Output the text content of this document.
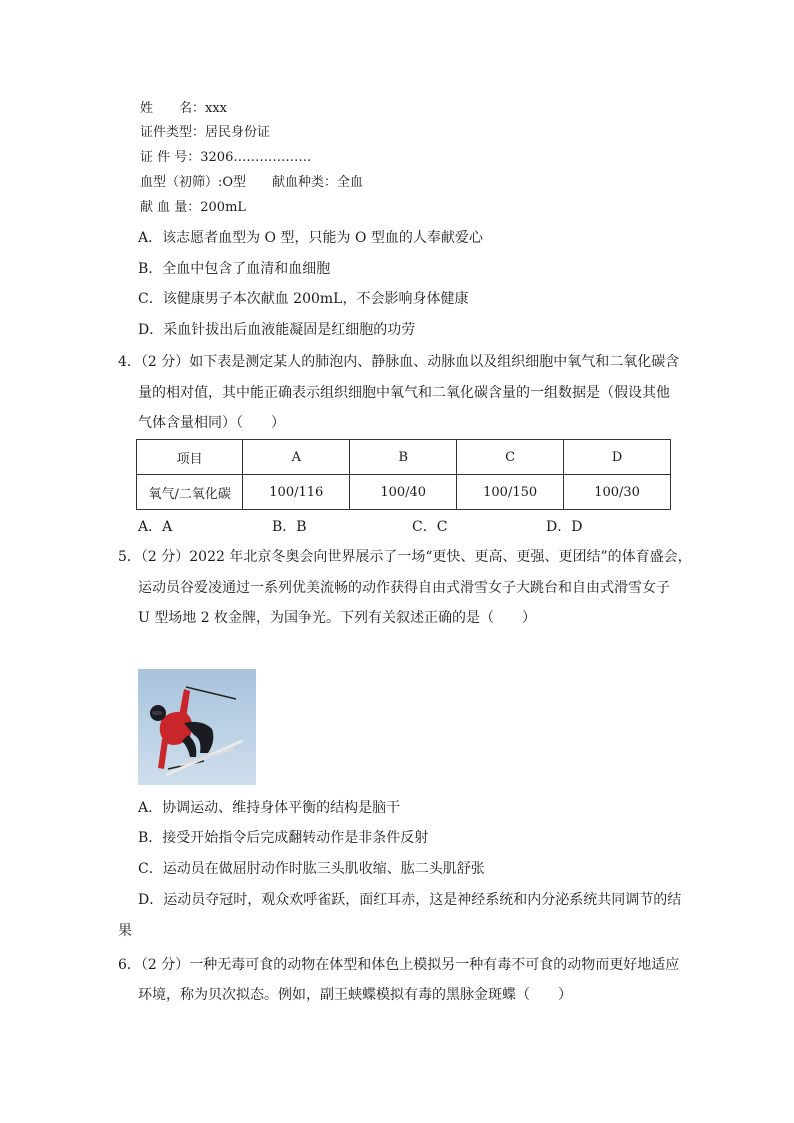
姓　　名：xxx
证件类型：居民身份证
证 件 号：3206………………
血型（初筛）:O型　　献血种类：全血
献 血 量：200mL
A．该志愿者血型为 O 型，只能为 O 型血的人奉献爱心
B．全血中包含了血清和血细胞
C．该健康男子本次献血 200mL，不会影响身体健康
D．采血针拔出后血液能凝固是红细胞的功劳
4．（2 分）如下表是测定某人的肺泡内、静脉血、动脉血以及组织细胞中氧气和二氧化碳含
量的相对值，其中能正确表示组织细胞中氧气和二氧化碳含量的一组数据是（假设其他
气体含量相同）（　　）
项目	A	B	C	D
氧气/二氧化碳	100/116	100/40	100/150	100/30
A．A	B．B	C．C	D．D
5．（2 分）2022 年北京冬奥会向世界展示了一场“更快、更高、更强、更团结”的体育盛会，
运动员谷爱凌通过一系列优美流畅的动作获得自由式滑雪女子大跳台和自由式滑雪女子
U 型场地 2 枚金牌，为国争光。下列有关叙述正确的是（　　）
A．协调运动、维持身体平衡的结构是脑干
B．接受开始指令后完成翻转动作是非条件反射
C．运动员在做屈肘动作时肱三头肌收缩、肱二头肌舒张
D．运动员夺冠时，观众欢呼雀跃，面红耳赤，这是神经系统和内分泌系统共同调节的结
果
6．（2 分）一种无毒可食的动物在体型和体色上模拟另一种有毒不可食的动物而更好地适应
环境，称为贝次拟态。例如，副王蛱蝶模拟有毒的黑脉金斑蝶（　　）
